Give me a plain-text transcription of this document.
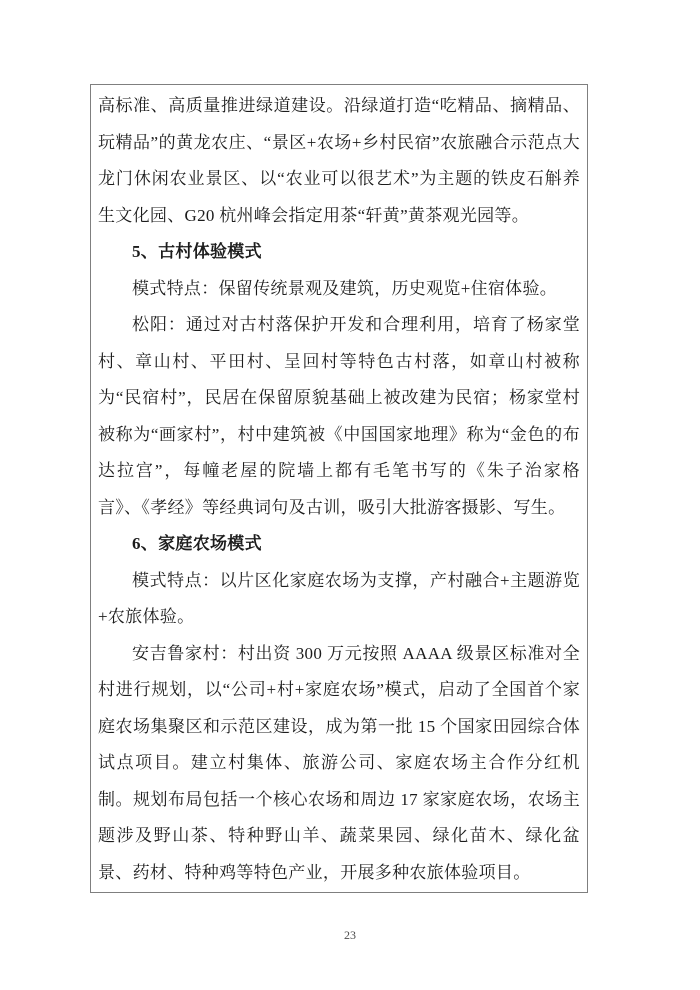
高标准、高质量推进绿道建设。沿绿道打造“吃精品、摘精品、玩精品”的黄龙农庄、“景区+农场+乡村民宿”农旅融合示范点大龙门休闲农业景区、以“农业可以很艺术”为主题的铁皮石斛养生文化园、G20 杭州峰会指定用茶“轩黄”黄茶观光园等。

5、古村体验模式

模式特点：保留传统景观及建筑，历史观览+住宿体验。

松阳：通过对古村落保护开发和合理利用，培育了杨家堂村、章山村、平田村、呈回村等特色古村落，如章山村被称为“民宿村”，民居在保留原貌基础上被改建为民宿；杨家堂村被称为“画家村”，村中建筑被《中国国家地理》称为“金色的布达拉宫”，每幢老屋的院墙上都有毛笔书写的《朱子治家格言》、《孝经》等经典词句及古训，吸引大批游客摄影、写生。

6、家庭农场模式

模式特点：以片区化家庭农场为支撑，产村融合+主题游览+农旅体验。

安吉鲁家村：村出资 300 万元按照 AAAA 级景区标准对全村进行规划，以“公司+村+家庭农场”模式，启动了全国首个家庭农场集聚区和示范区建设，成为第一批 15 个国家田园综合体试点项目。建立村集体、旅游公司、家庭农场主合作分红机制。规划布局包括一个核心农场和周边 17 家家庭农场，农场主题涉及野山茶、特种野山羊、蔬菜果园、绿化苗木、绿化盆景、药材、特种鸡等特色产业，开展多种农旅体验项目。

23
